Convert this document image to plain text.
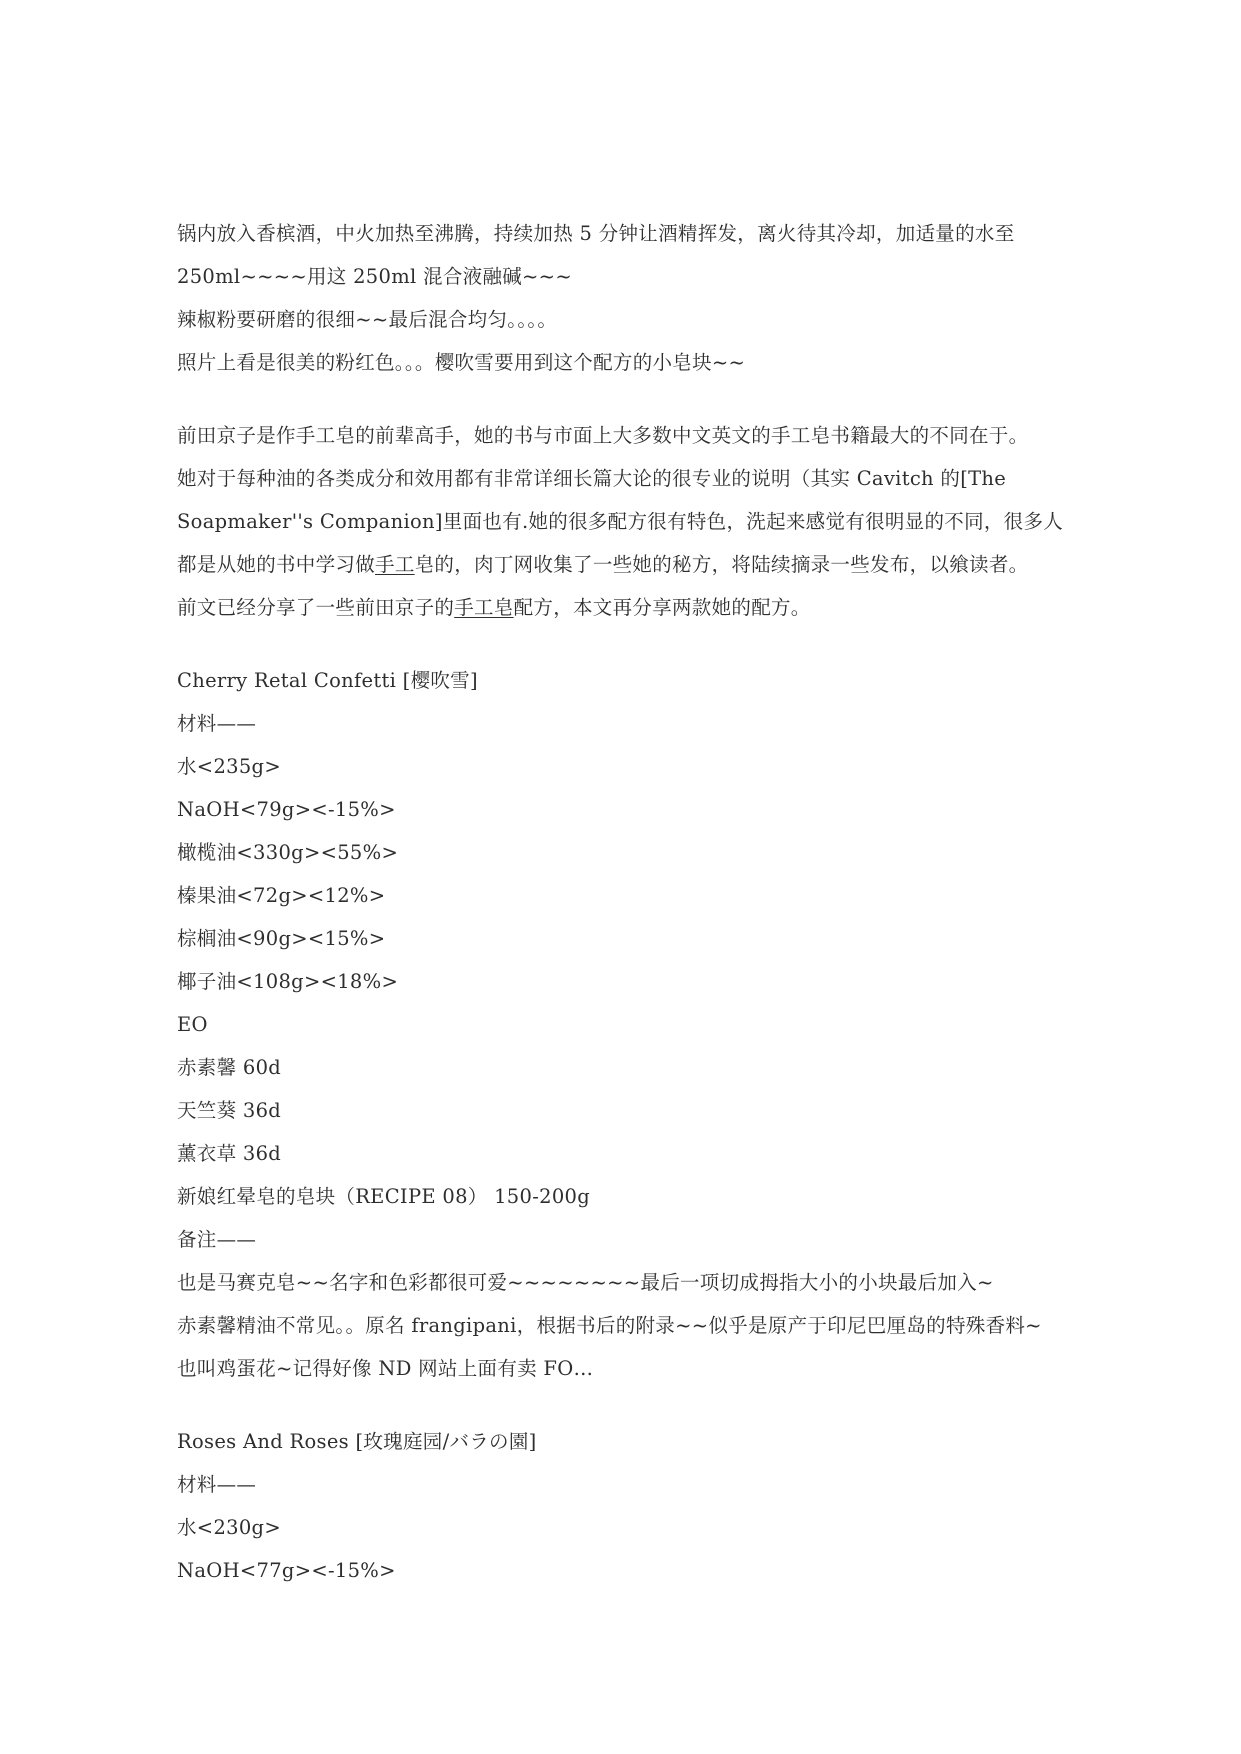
锅内放入香槟酒，中火加热至沸腾，持续加热 5 分钟让酒精挥发，离火待其冷却，加适量的水至
250ml~~~~用这 250ml 混合液融碱~~~
辣椒粉要研磨的很细~~最后混合均匀。。。。
照片上看是很美的粉红色。。。樱吹雪要用到这个配方的小皂块~~
前田京子是作手工皂的前辈高手，她的书与市面上大多数中文英文的手工皂书籍最大的不同在于。
她对于每种油的各类成分和效用都有非常详细长篇大论的很专业的说明（其实 Cavitch 的[The
Soapmaker''s Companion]里面也有.她的很多配方很有特色，洗起来感觉有很明显的不同，很多人
都是从她的书中学习做手工皂的，肉丁网收集了一些她的秘方，将陆续摘录一些发布，以飨读者。
前文已经分享了一些前田京子的手工皂配方，本文再分享两款她的配方。
Cherry Retal Confetti [樱吹雪]
材料——
水<235g>
NaOH<79g><-15%>
橄榄油<330g><55%>
榛果油<72g><12%>
棕榈油<90g><15%>
椰子油<108g><18%>
EO
赤素馨 60d
天竺葵 36d
薰衣草 36d
新娘红晕皂的皂块（RECIPE 08） 150-200g
备注——
也是马赛克皂~~名字和色彩都很可爱~~~~~~~~最后一项切成拇指大小的小块最后加入~
赤素馨精油不常见。。原名 frangipani，根据书后的附录~~似乎是原产于印尼巴厘岛的特殊香料~
也叫鸡蛋花~记得好像 ND 网站上面有卖 FO…
Roses And Roses [玫瑰庭园/バラの園]
材料——
水<230g>
NaOH<77g><-15%>
